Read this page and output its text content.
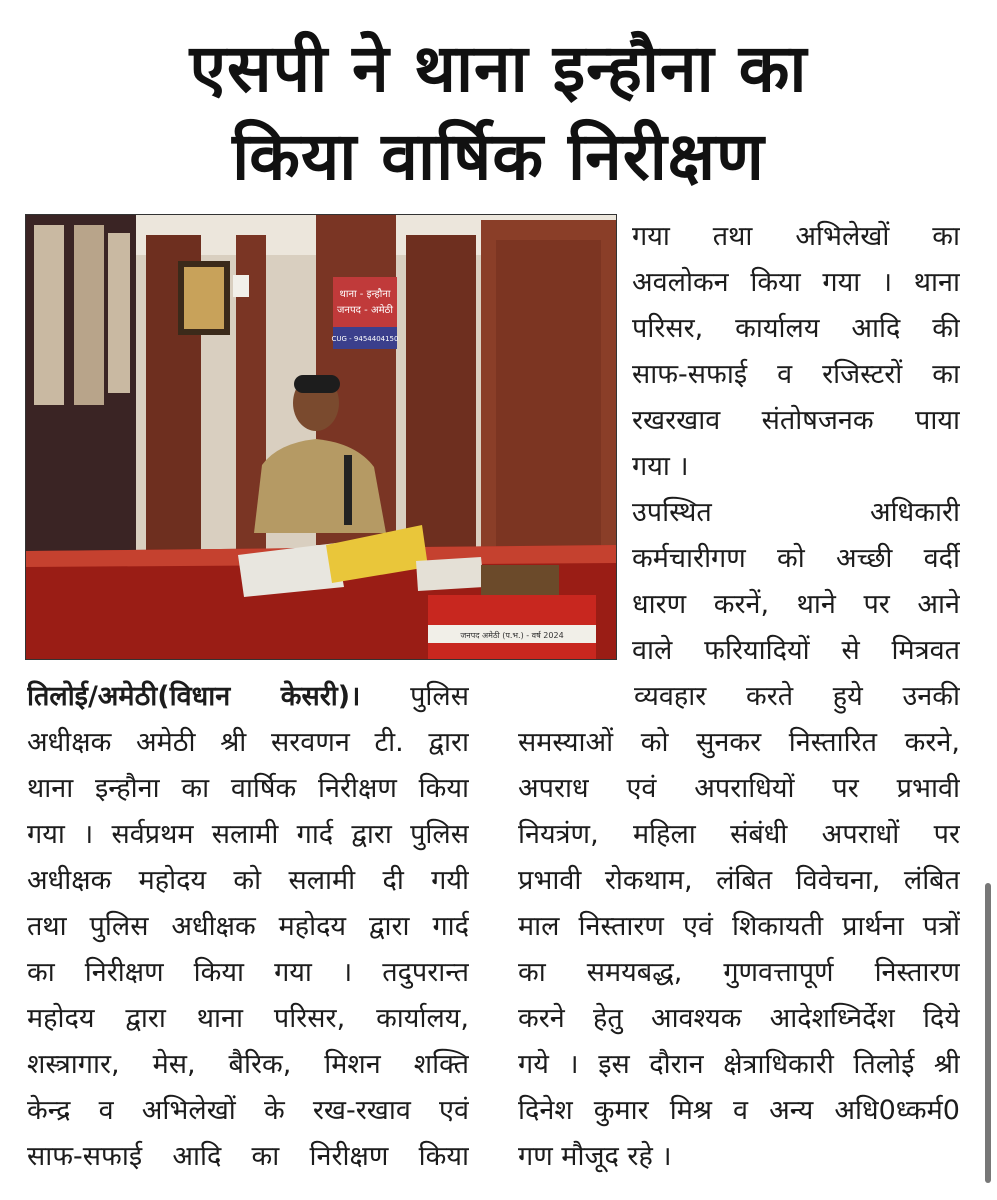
एसपी ने थाना इन्हौना का
किया वार्षिक निरीक्षण
थाना - इन्हौना
जनपद - अमेठी
CUG - 9454404150
जनपद अमेठी (प.भ.) - वर्ष 2024
गया तथा अभिलेखों का
अवलोकन किया गया । थाना
परिसर, कार्यालय आदि की
साफ-सफाई व रजिस्टरों का
रखरखाव संतोषजनक पाया
गया ।
उपस्थित अधिकारी
कर्मचारीगण को अच्छी वर्दी
धारण करनें, थाने पर आने
वाले फरियादियों से मित्रवत
व्यवहार करते हुये उनकी
समस्याओं को सुनकर निस्तारित करने,
अपराध एवं अपराधियों पर प्रभावी
नियत्रंण, महिला संबंधी अपराधों पर
प्रभावी रोकथाम, लंबित विवेचना, लंबित
माल निस्तारण एवं शिकायती प्रार्थना पत्रों
का समयबद्ध, गुणवत्तापूर्ण निस्तारण
करने हेतु आवश्यक आदेशध्निर्देश दिये
गये । इस दौरान क्षेत्राधिकारी तिलोई श्री
दिनेश कुमार मिश्र व अन्य अधि0ध्कर्म0
गण मौजूद रहे ।
तिलोई/अमेठी(विधान केसरी)। पुलिस
अधीक्षक अमेठी श्री सरवणन टी. द्वारा
थाना इन्हौना का वार्षिक निरीक्षण किया
गया । सर्वप्रथम सलामी गार्द द्वारा पुलिस
अधीक्षक महोदय को सलामी दी गयी
तथा पुलिस अधीक्षक महोदय द्वारा गार्द
का निरीक्षण किया गया । तदुपरान्त
महोदय द्वारा थाना परिसर, कार्यालय,
शस्त्रागार, मेस, बैरिक, मिशन शक्ति
केन्द्र व अभिलेखों के रख-रखाव एवं
साफ-सफाई आदि का निरीक्षण किया
